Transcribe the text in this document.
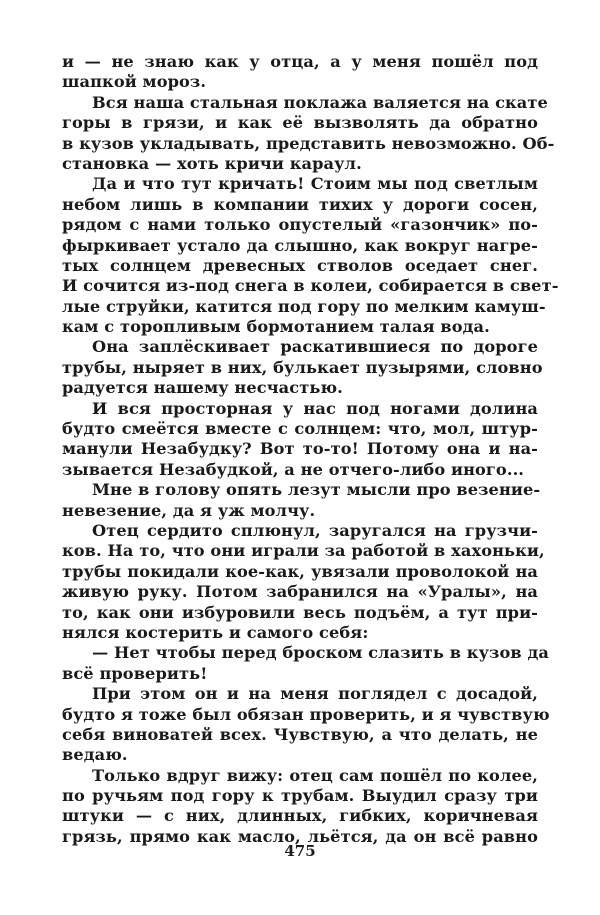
и — не знаю как у отца, а у меня пошёл под
шапкой мороз.
Вся наша стальная поклажа валяется на скате
горы в грязи, и как её вызволять да обратно
в кузов укладывать, представить невозможно. Об-
становка — хоть кричи караул.
Да и что тут кричать! Стоим мы под светлым
небом лишь в компании тихих у дороги сосен,
рядом с нами только опустелый «газончик» по-
фыркивает устало да слышно, как вокруг нагре-
тых солнцем древесных стволов оседает снег.
И сочится из-под снега в колеи, собирается в свет-
лые струйки, катится под гору по мелким камуш-
кам с торопливым бормотанием талая вода.
Она заплёскивает раскатившиеся по дороге
трубы, ныряет в них, булькает пузырями, словно
радуется нашему несчастью.
И вся просторная у нас под ногами долина
будто смеётся вместе с солнцем: что, мол, штур-
манули Незабудку? Вот то-то! Потому она и на-
зывается Незабудкой, а не отчего-либо иного...
Мне в голову опять лезут мысли про везение-
невезение, да я уж молчу.
Отец сердито сплюнул, заругался на грузчи-
ков. На то, что они играли за работой в хахоньки,
трубы покидали кое-как, увязали проволокой на
живую руку. Потом забранился на «Уралы», на
то, как они избуровили весь подъём, а тут при-
нялся костерить и самого себя:
— Нет чтобы перед броском слазить в кузов да
всё проверить!
При этом он и на меня поглядел с досадой,
будто я тоже был обязан проверить, и я чувствую
себя виноватей всех. Чувствую, а что делать, не
ведаю.
Только вдруг вижу: отец сам пошёл по колее,
по ручьям под гору к трубам. Выудил сразу три
штуки — с них, длинных, гибких, коричневая
грязь, прямо как масло, льётся, да он всё равно
475
